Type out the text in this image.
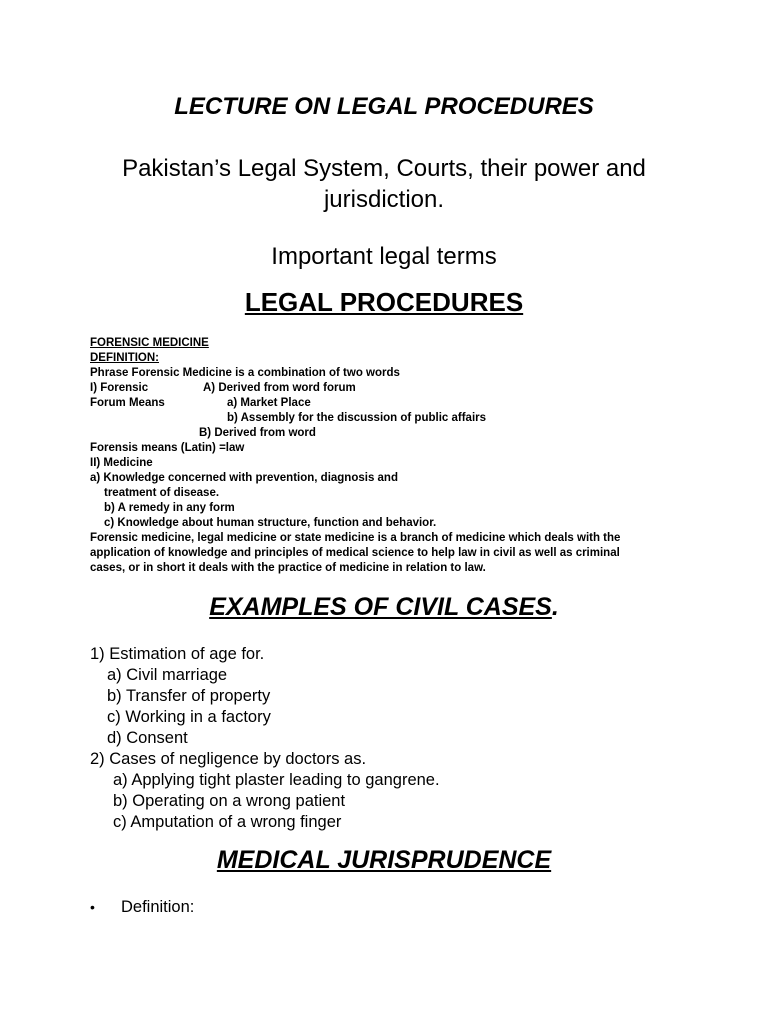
LECTURE ON LEGAL PROCEDURES
Pakistan’s Legal System, Courts, their power and
jurisdiction.
Important legal terms
LEGAL PROCEDURES
FORENSIC MEDICINE
DEFINITION:
Phrase Forensic Medicine is a combination of two words
I) Forensic	A) Derived from word forum
Forum Means	a) Market Place
b) Assembly for the discussion of public affairs
B) Derived from word
Forensis means (Latin) =law
II) Medicine
a) Knowledge concerned with prevention, diagnosis and
treatment of disease.
b) A remedy in any form
c) Knowledge about human structure, function and behavior.
Forensic medicine, legal medicine or state medicine is a branch of medicine which deals with the
application of knowledge and principles of medical science to help law in civil as well as criminal
cases, or in short it deals with the practice of medicine in relation to law.
EXAMPLES OF CIVIL CASES.
1) Estimation of age for.
a) Civil marriage
b) Transfer of property
c) Working in a factory
d) Consent
2) Cases of negligence by doctors as.
a) Applying tight plaster leading to gangrene.
b) Operating on a wrong patient
c) Amputation of a wrong finger
MEDICAL JURISPRUDENCE
• Definition:
